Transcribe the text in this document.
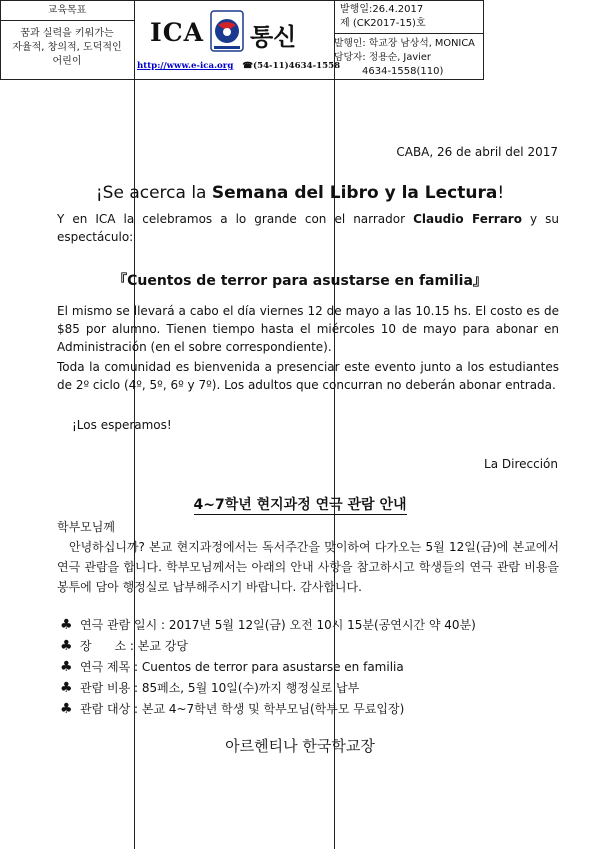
교육목표
꿈과 실력을 키워가는
자율적, 창의적, 도덕적인
어린이
ICA 통신
http://www.e-ica.org ☎(54-11)4634-1558
발행일:26.4.2017
제 (CK2017-15)호
발행인: 학교장 남상석, MONICA
담당자: 정용순, Javier
4634-1558(110)
CABA, 26 de abril del 2017
¡Se acerca la Semana del Libro y la Lectura!
Y en ICA la celebramos a lo grande con el narrador Claudio Ferraro y su espectáculo:
『Cuentos de terror para asustarse en familia』
El mismo se llevará a cabo el día viernes 12 de mayo a las 10.15 hs. El costo es de $85 por alumno. Tienen tiempo hasta el miércoles 10 de mayo para abonar en Administración (en el sobre correspondiente).
Toda la comunidad es bienvenida a presenciar este evento junto a los estudiantes de 2º ciclo (4º, 5º, 6º y 7º). Los adultos que concurran no deberán abonar entrada.
¡Los esperamos!
La Dirección
4~7학년 현지과정 연극 관람 안내
학부모님께
안녕하십니까? 본교 현지과정에서는 독서주간을 맞이하여 다가오는 5월 12일(금)에 본교에서 연극 관람을 합니다. 학부모님께서는 아래의 안내 사항을 참고하시고 학생들의 연극 관람 비용을 봉투에 담아 행정실로 납부해주시기 바랍니다. 감사합니다.
♣ 연극 관람 일시 : 2017년 5월 12일(금) 오전 10시 15분(공연시간 약 40분)
♣ 장      소 : 본교 강당
♣ 연극 제목 : Cuentos de terror para asustarse en familia
♣ 관람 비용 : 85페소, 5월 10일(수)까지 행정실로 납부
♣ 관람 대상 : 본교 4~7학년 학생 및 학부모님(학부모 무료입장)
아르헨티나 한국학교장
